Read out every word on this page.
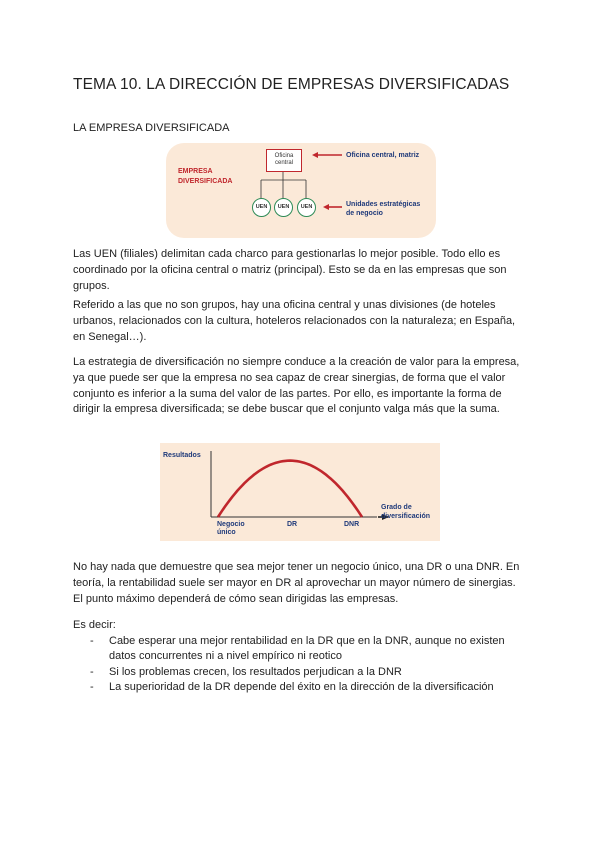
TEMA 10. LA DIRECCIÓN DE EMPRESAS DIVERSIFICADAS
LA EMPRESA DIVERSIFICADA
EMPRESA
DIVERSIFICADA
Oficina
central
UEN	UEN	UEN
Oficina central, matriz
Unidades estratégicas
de negocio
Las UEN (filiales) delimitan cada charco para gestionarlas lo mejor posible. Todo ello es
coordinado por la oficina central o matriz (principal). Esto se da en las empresas que son
grupos.
Referido a las que no son grupos, hay una oficina central y unas divisiones (de hoteles
urbanos, relacionados con la cultura, hoteleros relacionados con la naturaleza; en España,
en Senegal…).
La estrategia de diversificación no siempre conduce a la creación de valor para la empresa,
ya que puede ser que la empresa no sea capaz de crear sinergias, de forma que el valor
conjunto es inferior a la suma del valor de las partes. Por ello, es importante la forma de
dirigir la empresa diversificada; se debe buscar que el conjunto valga más que la suma.
Resultados
Grado de diversificación
Negocio único
DR	DNR
No hay nada que demuestre que sea mejor tener un negocio único, una DR o una DNR. En
teoría, la rentabilidad suele ser mayor en DR al aprovechar un mayor número de sinergias.
El punto máximo dependerá de cómo sean dirigidas las empresas.
Es decir:
- Cabe esperar una mejor rentabilidad en la DR que en la DNR, aunque no existen
datos concurrentes ni a nivel empírico ni reotico
- Si los problemas crecen, los resultados perjudican a la DNR
- La superioridad de la DR depende del éxito en la dirección de la diversificación
